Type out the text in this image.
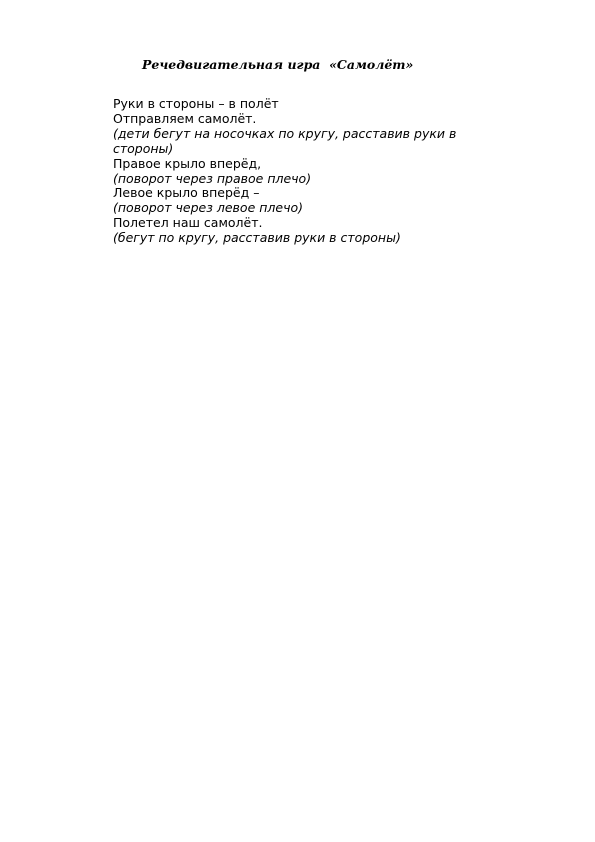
Речедвигательная игра  «Самолёт»
Руки в стороны – в полёт
Отправляем самолёт.
(дети бегут на носочках по кругу, расставив руки в стороны)
Правое крыло вперёд,
(поворот через правое плечо)
Левое крыло вперёд –
(поворот через левое плечо)
Полетел наш самолёт.
(бегут по кругу, расставив руки в стороны)
